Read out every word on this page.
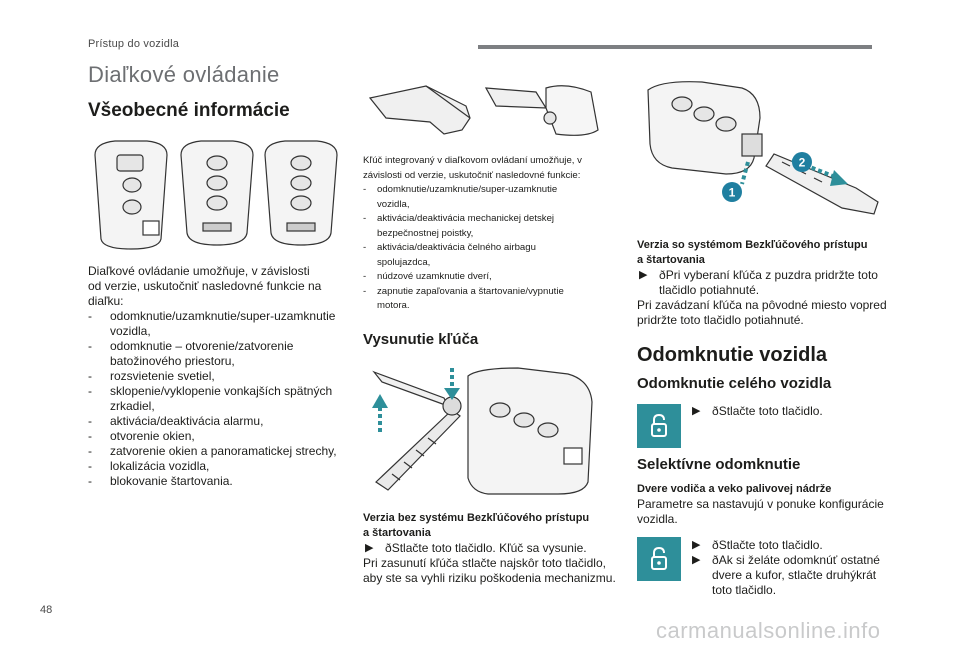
Prístup do vozidla
Diaľkové ovládanie
Všeobecné informácie
Diaľkové ovládanie umožňuje, v závislosti
od verzie, uskutočniť nasledovné funkcie na
diaľku:
- odomknutie/uzamknutie/super-uzamknutie
vozidla,
- odomknutie – otvorenie/zatvorenie
batožinového priestoru,
- rozsvietenie svetiel,
- sklopenie/vyklopenie vonkajších spätných
zrkadiel,
- aktivácia/deaktivácia alarmu,
- otvorenie okien,
- zatvorenie okien a panoramatickej strechy,
- lokalizácia vozidla,
- blokovanie štartovania.
Kľúč integrovaný v diaľkovom ovládaní umožňuje, v
závislosti od verzie, uskutočniť nasledovné funkcie:
- odomknutie/uzamknutie/super-uzamknutie
vozidla,
- aktivácia/deaktivácia mechanickej detskej
bezpečnostnej poistky,
- aktivácia/deaktivácia čelného airbagu
spolujazdca,
- núdzové uzamknutie dverí,
- zapnutie zapaľovania a štartovanie/vypnutie
motora.
Vysunutie kľúča
Verzia bez systému Bezkľúčového prístupu
a štartovania
ð ▶ Stlačte toto tlačidlo. Kľúč sa vysunie.
Pri zasunutí kľúča stlačte najskôr toto tlačidlo,
aby ste sa vyhli riziku poškodenia mechanizmu.
1
2
Verzia so systémom Bezkľúčového prístupu
a štartovania
ð ▶ Pri vyberaní kľúča z puzdra pridržte toto
tlačidlo potiahnuté.
Pri zavádzaní kľúča na pôvodné miesto vopred
pridržte toto tlačidlo potiahnuté.
Odomknutie vozidla
Odomknutie celého vozidla
ð ▶ Stlačte toto tlačidlo.
Selektívne odomknutie
Dvere vodiča a veko palivovej nádrže
Parametre sa nastavujú v ponuke konfigurácie
vozidla.
ð ▶ Stlačte toto tlačidlo.
ð ▶ Ak si želáte odomknúť ostatné
dvere a kufor, stlačte druhýkrát
toto tlačidlo.
48
carmanualsonline.info
